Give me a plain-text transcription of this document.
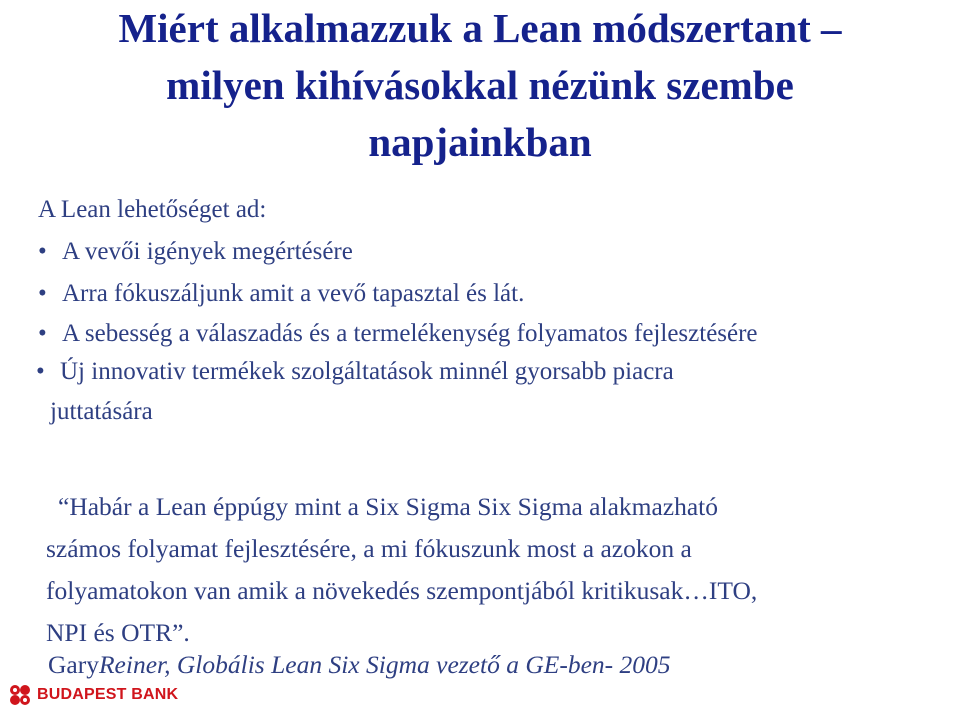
Miért alkalmazzuk a Lean módszertant –
milyen kihívásokkal nézünk szembe
napjainkban
A Lean lehetőséget ad:
• A vevői igények megértésére
• Arra fókuszáljunk amit a vevő tapasztal és lát.
• A sebesség a válaszadás és a termelékenység folyamatos fejlesztésére
• Új innovativ termékek szolgáltatások minnél gyorsabb piacra
juttatására
“Habár a Lean éppúgy mint a Six Sigma Six Sigma alakmazható
számos folyamat fejlesztésére, a mi fókuszunk most a azokon a
folyamatokon van amik a növekedés szempontjából kritikusak…ITO,
NPI és OTR”.
GaryReiner, Globális Lean Six Sigma vezető a GE-ben- 2005
BUDAPEST BANK
